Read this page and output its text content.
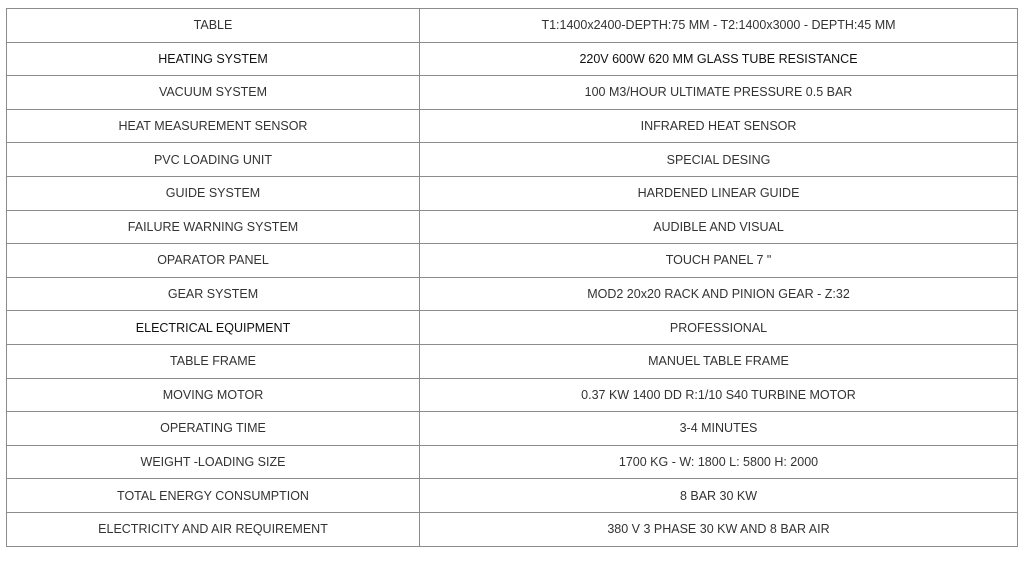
TABLE	T1:1400x2400-DEPTH:75 MM - T2:1400x3000 - DEPTH:45 MM
HEATING SYSTEM	220V 600W 620 MM GLASS TUBE RESISTANCE
VACUUM SYSTEM	100 M3/HOUR ULTIMATE PRESSURE 0.5 BAR
HEAT MEASUREMENT SENSOR	INFRARED HEAT SENSOR
PVC LOADING UNIT	SPECIAL DESING
GUIDE SYSTEM	HARDENED LINEAR GUIDE
FAILURE WARNING SYSTEM	AUDIBLE AND VISUAL
OPARATOR PANEL	TOUCH PANEL 7 "
GEAR SYSTEM	MOD2 20x20 RACK AND PINION GEAR - Z:32
ELECTRICAL EQUIPMENT	PROFESSIONAL
TABLE FRAME	MANUEL TABLE FRAME
MOVING MOTOR	0.37 KW 1400 DD R:1/10 S40 TURBINE MOTOR
OPERATING TIME	3-4 MINUTES
WEIGHT -LOADING SIZE	1700 KG - W: 1800 L: 5800 H: 2000
TOTAL ENERGY CONSUMPTION	8 BAR 30 KW
ELECTRICITY AND AIR REQUIREMENT	380 V 3 PHASE 30 KW AND 8 BAR AIR
